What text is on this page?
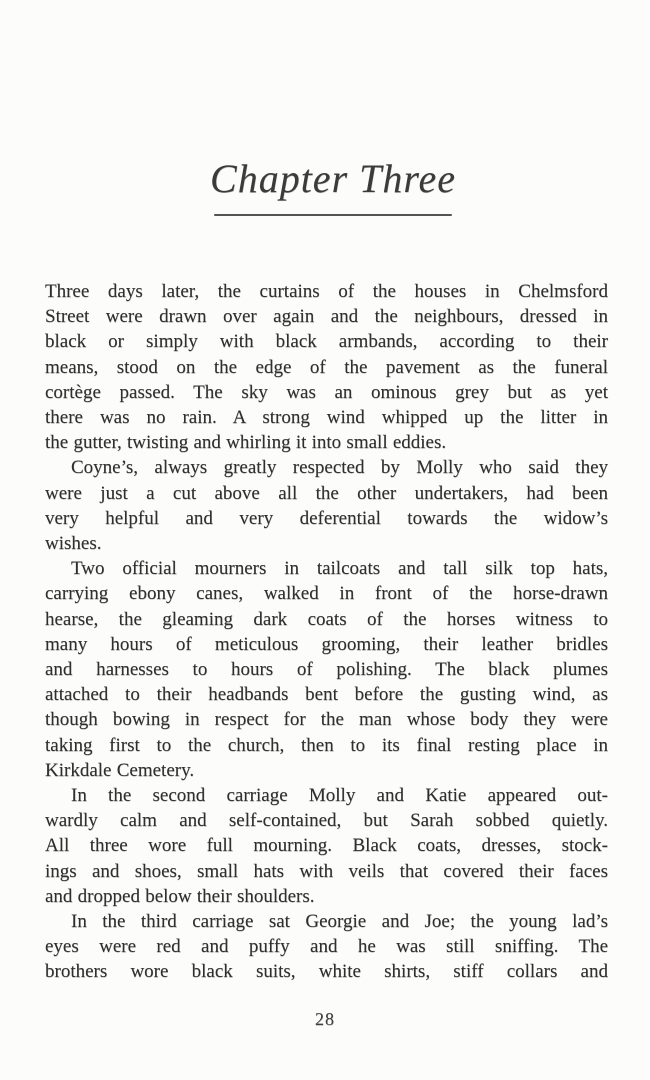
Chapter Three
Three days later, the curtains of the houses in Chelmsford
Street were drawn over again and the neighbours, dressed in
black or simply with black armbands, according to their
means, stood on the edge of the pavement as the funeral
cortège passed. The sky was an ominous grey but as yet
there was no rain. A strong wind whipped up the litter in
the gutter, twisting and whirling it into small eddies.
Coyne’s, always greatly respected by Molly who said they
were just a cut above all the other undertakers, had been
very helpful and very deferential towards the widow’s
wishes.
Two official mourners in tailcoats and tall silk top hats,
carrying ebony canes, walked in front of the horse-drawn
hearse, the gleaming dark coats of the horses witness to
many hours of meticulous grooming, their leather bridles
and harnesses to hours of polishing. The black plumes
attached to their headbands bent before the gusting wind, as
though bowing in respect for the man whose body they were
taking first to the church, then to its final resting place in
Kirkdale Cemetery.
In the second carriage Molly and Katie appeared out-
wardly calm and self-contained, but Sarah sobbed quietly.
All three wore full mourning. Black coats, dresses, stock-
ings and shoes, small hats with veils that covered their faces
and dropped below their shoulders.
In the third carriage sat Georgie and Joe; the young lad’s
eyes were red and puffy and he was still sniffing. The
brothers wore black suits, white shirts, stiff collars and
28
